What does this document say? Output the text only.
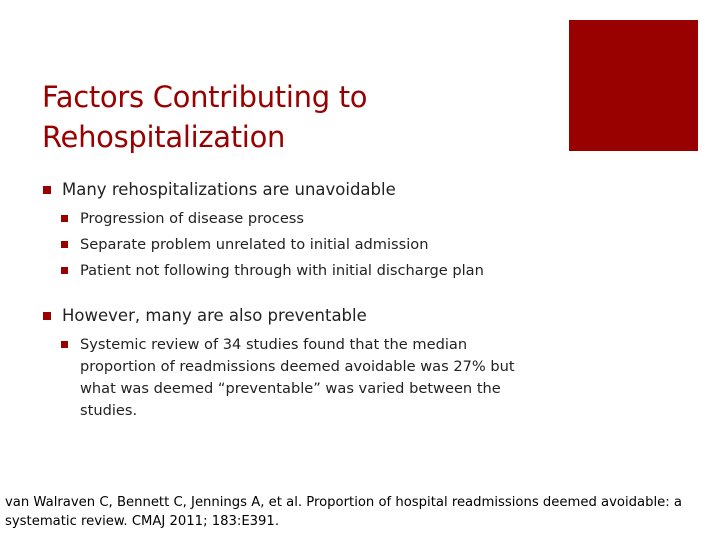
Factors Contributing to Rehospitalization
Many rehospitalizations are unavoidable
Progression of disease process
Separate problem unrelated to initial admission
Patient not following through with initial discharge plan
However, many are also preventable
Systemic review of 34 studies found that the median proportion of readmissions deemed avoidable was 27% but what was deemed “preventable” was varied between the studies.
van Walraven C, Bennett C, Jennings A, et al. Proportion of hospital readmissions deemed avoidable: a systematic review. CMAJ 2011; 183:E391.
